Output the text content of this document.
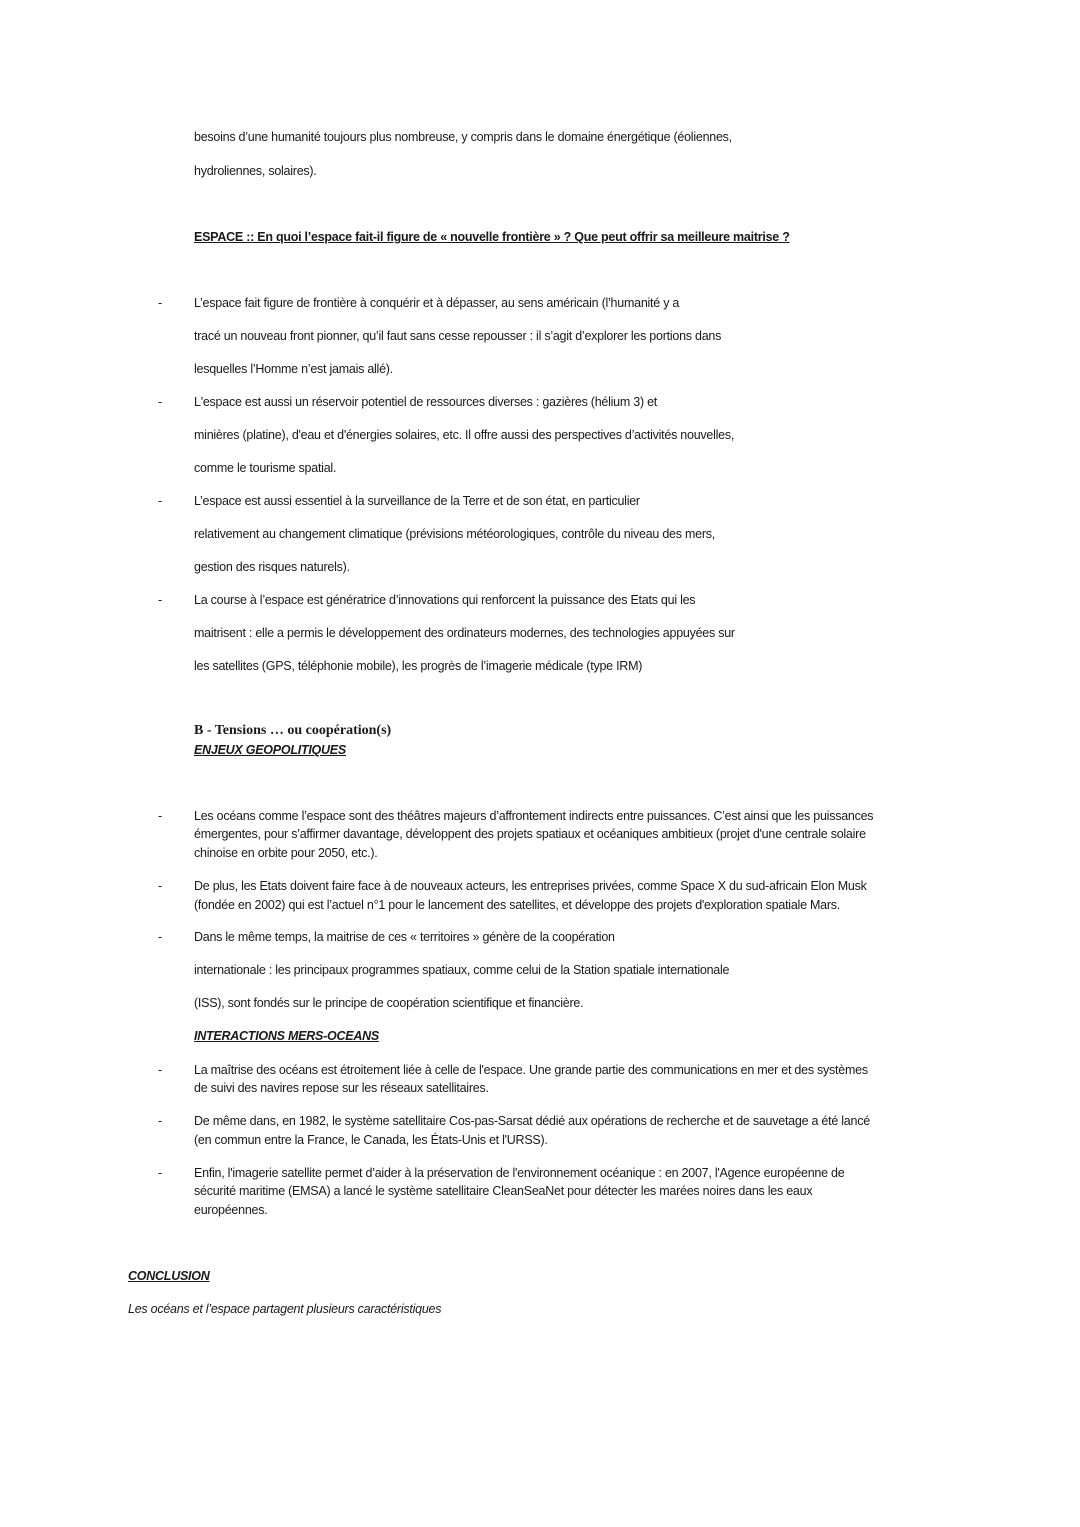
besoins d’une humanité toujours plus nombreuse, y compris dans le domaine énergétique (éoliennes,
hydroliennes, solaires).
ESPACE :: En quoi l’espace fait-il figure de « nouvelle frontière » ? Que peut offrir sa meilleure maitrise ?
-	L’espace fait figure de frontière à conquérir et à dépasser, au sens américain (l’humanité y a
tracé un nouveau front pionner, qu’il faut sans cesse repousser : il s’agit d’explorer les portions dans
lesquelles l’Homme n’est jamais allé).
-	L'espace est aussi un réservoir potentiel de ressources diverses : gazières (hélium 3) et
minières (platine), d'eau et d'énergies solaires, etc. Il offre aussi des perspectives d’activités nouvelles,
comme le tourisme spatial.
-	L’espace est aussi essentiel à la surveillance de la Terre et de son état, en particulier
relativement au changement climatique (prévisions météorologiques, contrôle du niveau des mers,
gestion des risques naturels).
-	La course à l’espace est génératrice d’innovations qui renforcent la puissance des Etats qui les
maitrisent : elle a permis le développement des ordinateurs modernes, des technologies appuyées sur
les satellites (GPS, téléphonie mobile), les progrès de l’imagerie médicale (type IRM)
B - Tensions … ou coopération(s)
ENJEUX GEOPOLITIQUES
-	Les océans comme l’espace sont des théâtres majeurs d’affrontement indirects entre puissances. C’est ainsi que les puissances
émergentes, pour s’affirmer davantage, développent des projets spatiaux et océaniques ambitieux (projet d'une centrale solaire
chinoise en orbite pour 2050, etc.).
-	De plus, les Etats doivent faire face à de nouveaux acteurs, les entreprises privées, comme Space X du sud-africain Elon Musk
(fondée en 2002) qui est l’actuel n°1 pour le lancement des satellites, et développe des projets d'exploration spatiale Mars.
-	Dans le même temps, la maitrise de ces « territoires » génère de la coopération
internationale : les principaux programmes spatiaux, comme celui de la Station spatiale internationale
(ISS), sont fondés sur le principe de coopération scientifique et financière.
INTERACTIONS MERS-OCEANS
-	La maîtrise des océans est étroitement liée à celle de l'espace. Une grande partie des communications en mer et des systèmes
de suivi des navires repose sur les réseaux satellitaires.
-	De même dans, en 1982, le système satellitaire Cos-pas-Sarsat dédié aux opérations de recherche et de sauvetage a été lancé
(en commun entre la France, le Canada, les États-Unis et l'URSS).
-	Enfin, l'imagerie satellite permet d’aider à la préservation de l'environnement océanique : en 2007, l'Agence européenne de
sécurité maritime (EMSA) a lancé le système satellitaire CleanSeaNet pour détecter les marées noires dans les eaux
européennes.
CONCLUSION
Les océans et l’espace partagent plusieurs caractéristiques
